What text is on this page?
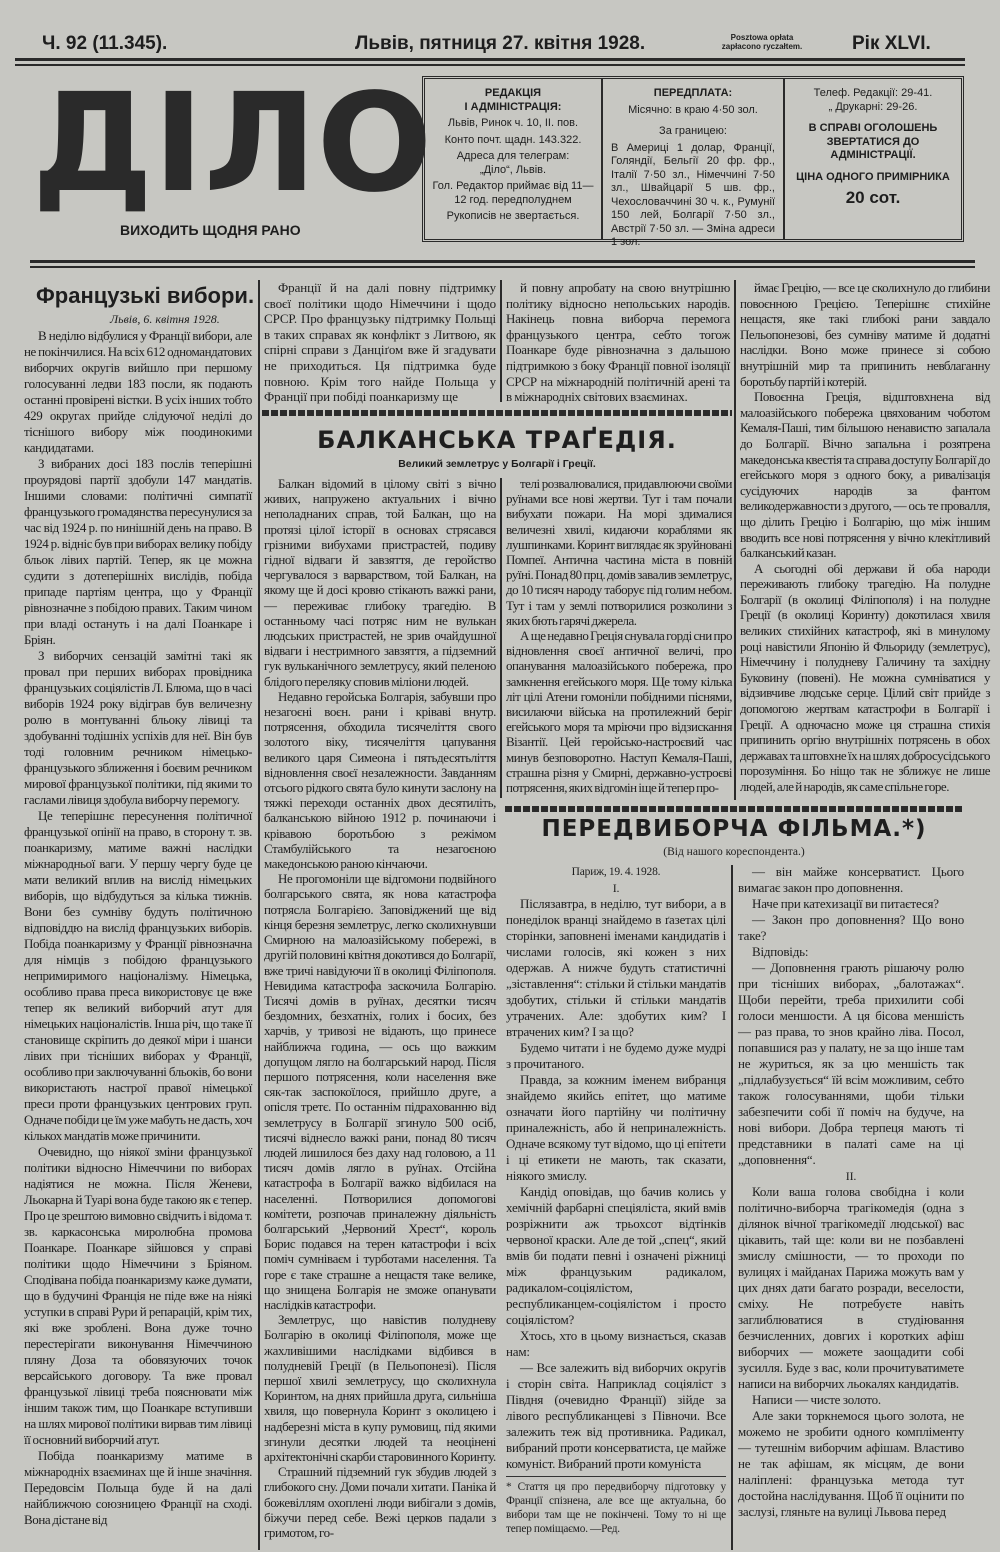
Ч. 92 (11.345).	Львів, пятниця 27. квітня 1928.	Posztowa opłata
zapłacono ryczałtem.	Рік XLVI.
ДІЛО
ВИХОДИТЬ ЩОДНЯ РАНО
РЕДАКЦІЯ
І АДМІНІСТРАЦІЯ:
Львів, Ринок ч. 10, II. пов.
Конто почт. щадн. 143.322.
Адреса для телеграм:
„Діло“, Львів.
Гол. Редактор приймає від 11—12 год. передполуднем
Рукописів не звертається.
ПЕРЕДПЛАТА:
Місячно: в краю 4·50 зол.
За границею:
В Америці 1 долар, Франції, Голяндії, Бельгії 20 фр. фр., Італії 7·50 зл., Німеччині 7·50 зл., Швайцарії 5 шв. фр., Чехословаччині 30 ч. к., Румунії 150 лей, Болгарії 7·50 зл., Австрії 7·50 зл. — Зміна адреси 1 зол.
Телеф. Редакції: 29-41.
„ Друкарні: 29-26.
В СПРАВІ ОГОЛОШЕНЬ ЗВЕРТАТИСЯ ДО АДМІНІСТРАЦІЇ.
ЦІНА ОДНОГО ПРИМІРНИКА
20 сот.
Французькі вибори.
Львів, 6. квітня 1928.

В неділю відбулися у Франції вибори, але не покінчилися. На всіх 612 одномандатових виборчих округів вийшло при першому голосуванні ледви 183 посли, як подають останні провірені вістки. В усіх інших тобто 429 округах прийде слідуючої неділі до тіснішого вибору між поодинокими кандидатами.

З вибраних досі 183 послів теперішні проурядові партії здобули 147 мандатів. Іншими словами: політичні симпатії французького громадянства пересунулися за час від 1924 р. по нинішній день на право. В 1924 р. відніс був при виборах велику побіду бльок лівих партій. Тепер, як це можна судити з дотеперішніх вислідів, побіда припаде партіям центра, що у Франції рівнозначне з побідою правих. Таким чином при владі остануть і на далі Поанкаре і Бріян.

З виборчих сензацій замітні такі як провал при перших виборах провідника французьких соціялістів Л. Блюма, що в часі виборів 1924 року відіграв був величезну ролю в монтуванні бльоку лівиці та здобуванні тодішніх успіхів для неї. Він був тоді головним речником німецько-французького зближення і боєвим речником мирової французької політики, під якими то гаслами лівиця здобула виборчу перемогу.

Це теперішнє пересунення політичної французької опінії на право, в сторону т. зв. поанкаризму, матиме важні наслідки міжнародньої ваги. У першу чергу буде це мати великий вплив на вислід німецьких виборів, що відбудуться за кілька тижнів. Вони без сумніву будуть політичною відповіддю на вислід французьких виборів. Побіда поанкаризму у Франції рівнозначна для німців з побідою французького непримиримого націоналізму. Німецька, особливо права преса використовує це вже тепер як великий виборчий атут для німецьких націоналістів. Інша річ, що таке її становище скріпить до деякої міри і шанси лівих при тісніших виборах у Франції, особливо при заключуванні бльоків, бо вони використають настрої правої німецької преси проти французьких центрових груп. Одначе побіди це їм уже мабуть не дасть, хоч кількох мандатів може причинити.

Очевидно, що ніякої зміни французької політики відносно Німеччини по виборах надіятися не можна. Після Женеви, Льокарна й Туарі вона буде такою як є тепер. Про це зрештою вимовно свідчить і відома т. зв. каркасонська миролюбна промова Поанкаре. Поанкаре зійшовся у справі політики щодо Німеччини з Бріяном. Сподівана побіда поанкаризму каже думати, що в будучині Франція не піде вже на ніякі уступки в справі Рури й репарацій, крім тих, які вже зроблені. Вона дуже точно перестерігати виконування Німеччиною пляну Доза та обовязуючих точок версайського договору. Та вже провал французької лівиці треба пояснювати між іншим також тим, що Поанкаре вступивши на шлях мирової політики вирвав тим лівиці її основний виборчий атут.

Побіда поанкаризму матиме в міжнародніх взаєминах ще й інше значіння. Передовсім Польща буде й на далі найближчою союзницею Франції на сході. Вона дістане від

Франції й на далі повну підтримку своєї політики щодо Німеччини і щодо СРСР. Про французьку підтримку Польщі в таких справах як конфлікт з Литвою, як спірні справи з Данціґом вже й згадувати не приходиться. Ця підтримка буде повною. Крім того найде Польща у Франції при побіді поанкаризму ще

й повну апробату на свою внутрішню політику відносно непольських народів. Накінець повна виборча перемога французького центра, себто тогож Поанкаре буде рівнозначна з дальшою підтримкою з боку Франції повної ізоляції СРСР на міжнародній політичній арені та в міжнародніх світових взаєминах.

БАЛКАНСЬКА ТРАҐЕДІЯ.
Великий землетрус у Болгарії і Греції.

Балкан відомий в цілому світі з вічно живих, напружено актуальних і вічно неполаднаних справ, той Балкан, що на протязі цілої історії в основах стрясався грізними вибухами пристрастей, подиву гідної відваги й завзяття, де геройство чергувалося з варварством, той Балкан, на якому ще й досі кровю стікають важкі рани, — переживає глибоку трагедію. В останньому часі потряс ним не вулькан людських пристрастей, не зрив очайдушної відваги і нестримного завзяття, а підземний гук вульканічного землетрусу, який пеленою блідого переляку сповив міліони людей.

Недавно геройська Болгарія, забувши про незагоєні воєн. рани і кріваві внутр. потрясення, обходила тисячеліття свого золотого віку, тисячеліття цапування великого царя Симеона і пятьдесятьліття відновлення своєї незалежности. Завданням отсього рідкого свята було кинути заслону на тяжкі переходи останніх двох десятиліть, балканською війною 1912 р. починаючи і крівавою боротьбою з режімом Стамбулійського та незагоєною македонською раною кінчаючи.

Не прогомоніли ще відгомони подвійного болгарського свята, як нова катастрофа потрясла Болгарією. Заповіджений ще від кінця березня землетрус, легко сколихнувши Смирною на малоазійському побережі, в другій половині квітня докотився до Болгарії, вже тричі навідуючи її в околиці Філіпополя. Невидима катастрофа заскочила Болгарію. Тисячі домів в руїнах, десятки тисяч бездомних, безхатніх, голих і босих, без харчів, у тривозі не відають, що принесе найближча година, — ось що важким допущом лягло на болгарський народ. Після першого потрясення, коли населення вже сяк-так заспокоїлося, прийшло друге, а опісля третє. По останнім підрахованню від землетрусу в Болгарії згинуло 500 осіб, тисячі віднесло важкі рани, понад 80 тисяч людей лишилося без даху над головою, а 11 тисяч домів лягло в руїнах. Отсійна катастрофа в Болгарії важко відбилася на населенні. Потворилися допомогові комітети, розпочав приналежну діяльність болгарський „Червоний Хрест“, король Борис подався на терен катастрофи і всіх поміч сумніваєм і турботами населення. Та горе є таке страшне а нещастя таке велике, що знищена Болгарія не зможе опанувати наслідків катастрофи.

Землетрус, що навістив полудневу Болгарію в околиці Філіпополя, може ще жахливішими наслідками відбився в полудневій Греції (в Пельопонезі). Після першої хвилі землетрусу, що сколихнула Коринтом, на днях прийшла друга, сильніша хвиля, що повернула Коринт з околицею і надберезні міста в купу румовищ, під якими згинули десятки людей та неоцінені архітектонічні скарби старовинного Коринту.

Страшний підземний гук збудив людей з глибокого сну. Доми почали хитати. Паніка й божевіллям охоплені люди вибігали з домів, біжучи перед себе. Вежі церков падали з гримотом, го-

телі розвалювалися, придавлюючи своїми руїнами все нові жертви. Тут і там почали вибухати пожари. На морі здималися величезні хвилі, кидаючи кораблями як лушпинками. Коринт виглядає як зруйновані Помпеї. Антична частина міста в повній руїні. Понад 80 прц. домів завалив землетрус, до 10 тисяч народу таборує під голим небом. Тут і там у землі потворилися розколини з яких бють гарячі джерела.

А ще недавно Греція снувала горді сни про відновлення своєї античної величі, про опанування малоазійського побережа, про замкнення егейського моря. Ще тому кілька літ цілі Атени гомоніли побідними піснями, висилаючи війська на протилежний беріг егейського моря та мріючи про відзискання Візантії. Цей геройсько-настроєвий час минув безповоротно. Наступ Кемаля-Паші, страшна різня у Смирні, державно-устроєві потрясення, яких відгомін іще й тепер про-

ймає Грецію, — все це сколихнуло до глибини повоєнною Грецією. Теперішнє стихійне нещастя, яке такі глибокі рани завдало Пельопонезові, без сумніву матиме й додатні наслідки. Воно може принесе зі собою внутрішній мир та припинить невблаганну боротьбу партій і котерій.

Повоєнна Греція, відштовхнена від малоазійського побережа цвяхованим чоботом Кемаля-Паші, тим більшою ненавистю запалала до Болгарії. Вічно запальна і розятрена македонська квестія та справа доступу Болгарії до егейського моря з одного боку, а ривалізація сусідуючих народів за фантом великодержавности з другого, — ось те провалля, що ділить Грецію і Болгарію, що між іншим вводить все нові потрясення у вічно клекітливий балканський казан.

А сьогодні обі держави й оба народи переживають глибоку трагедію. На полудне Болгарії (в околиці Філіпополя) і на полудне Греції (в околиці Коринту) докотилася хвиля великих стихійних катастроф, які в минулому році навістили Японію й Фльориду (землетрус), Німеччину і полудневу Галичину та західну Буковину (повені). Не можна сумніватися у відзивчиве людське серце. Цілий світ прийде з допомогою жертвам катастрофи в Болгарії і Греції. А одночасно може ця страшна стихія припинить оргію внутрішніх потрясень в обох державах та штовхне їх на шлях добросусідського порозуміння. Бо ніщо так не зближує не лише людей, але й народів, як саме спільне горе.

ПЕРЕДВИБОРЧА ФІЛЬМА.*)
(Від нашого кореспондента.)

Париж, 19. 4. 1928.

I.

Післязавтра, в неділю, тут вибори, а в понеділок вранці знайдемо в ґазетах цілі сторінки, заповнені іменами кандидатів і числами голосів, які кожен з них одержав. А нижче будуть статистичні „зіставлення“: стільки й стільки мандатів здобутих, стільки й стільки мандатів утрачених. Але: здобутих ким? І втрачених ким? І за що?

Будемо читати і не будемо дуже мудрі з прочитаного.

Правда, за кожним іменем вибранця знайдемо якийсь епітет, що матиме означати його партійну чи політичну приналежність, або й неприналежність. Одначе всякому тут відомо, що ці епітети і ці етикети не мають, так сказати, ніякого змислу.

Кандід оповідав, що бачив колись у хемічній фарбарні спеціяліста, який вмів розріжнити аж трьохсот відтінків червоної краски. Але де той „спец“, який вмів би подати певні і означені ріжниці між французьким радикалом, радикалом-соціялістом, республиканцем-соціялістом і просто соціялістом?

Хтось, хто в цьому визнається, сказав нам:

— Все залежить від виборчих округів і сторін світа. Наприклад соціяліст з Півдня (очевидно Франції) зійде за лівого республиканцеві з Півночи. Все залежить теж від противника. Радикал, вибраний проти консерватиста, це майже комуніст. Вибраний проти комуніста

* Стаття ця про передвиборчу підготовку у Франції спізнена, але все ще актуальна, бо вибори там ще не покінчені. Тому то ні ще тепер поміщаємо. —Ред.

— він майже консерватист. Цього вимагає закон про доповнення.

Наче при катехизації ви питаєтеся?

— Закон про доповнення? Що воно таке?

Відповідь:

— Доповнення грають рішаючу ролю при тісніших виборах, „балотажах“. Щоби перейти, треба прихилити собі голоси меншости. А ця бісова меншість — раз права, то знов крайно ліва. Посол, попавшися раз у палату, не за що інше там не журиться, як за цю меншість так „підлабузується“ їй всім можливим, себто також голосуваннями, щоби тільки забезпечити собі її поміч на будуче, на нові вибори. Добра терпеця мають ті представники в палаті саме на ці „доповнення“.

II.

Коли ваша голова свобідна і коли політично-виборча трагікомедія (одна з ділянок вічної трагікомедії людської) вас цікавить, тай ще: коли ви не позбавлені змислу смішности, — то проходи по вулицях і майданах Парижа можуть вам у цих днях дати багато розради, веселости, сміху. Не потребуєте навіть заглиблюватися в студіювання безчисленних, довгих і коротких афіш виборчих — можете заощадити собі зусилля. Буде з вас, коли прочитуватимете написи на виборчих льокалях кандидатів.

Написи — чисте золото.

Але заки торкнемося цього золота, не можемо не зробити одного компліменту — тутешнім виборчим афішам. Властиво не так афішам, як місцям, де вони наліплені: французька метода тут достойна наслідування. Щоб її оцінити по заслузі, гляньте на вулиці Львова перед
